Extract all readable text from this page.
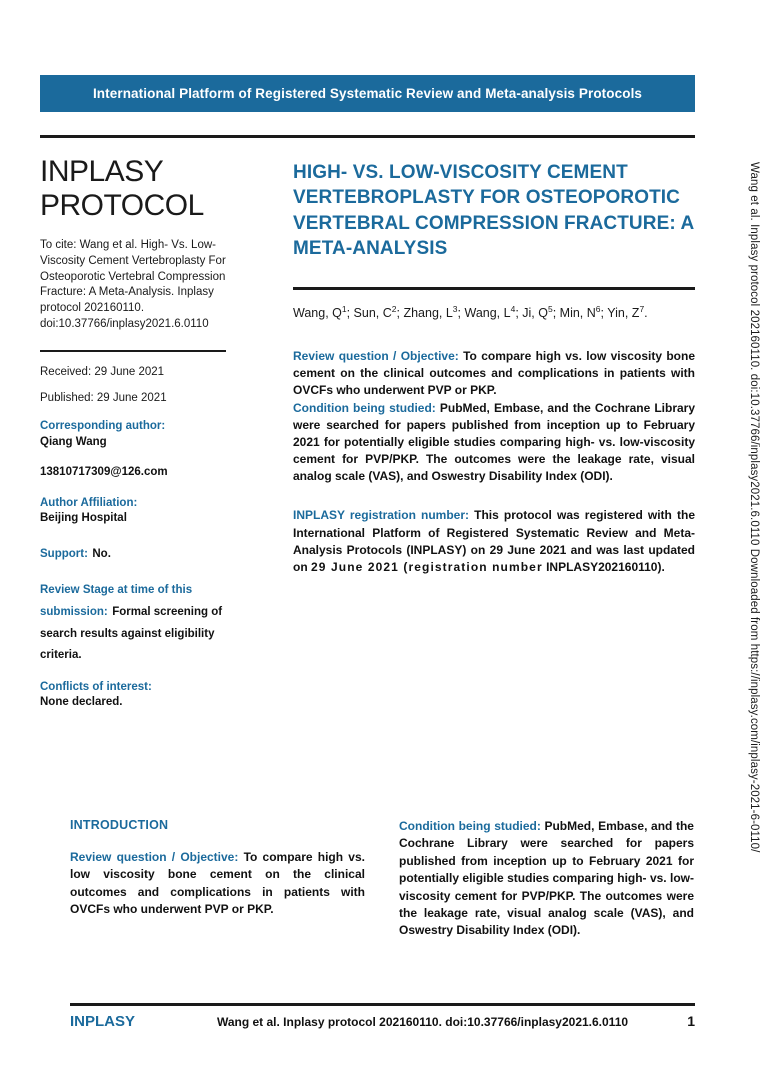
International Platform of Registered Systematic Review and Meta-analysis Protocols
INPLASY
PROTOCOL
To cite: Wang et al. High- Vs. Low-Viscosity Cement Vertebroplasty For Osteoporotic Vertebral Compression Fracture: A Meta-Analysis. Inplasy protocol 202160110. doi:10.37766/inplasy2021.6.0110
Received: 29 June 2021
Published: 29 June 2021
Corresponding author:
Qiang Wang
13810717309@126.com
Author Affiliation:
Beijing Hospital
Support: No.
Review Stage at time of this submission: Formal screening of search results against eligibility criteria.
Conflicts of interest:
None declared.
HIGH- VS. LOW-VISCOSITY CEMENT VERTEBROPLASTY FOR OSTEOPOROTIC VERTEBRAL COMPRESSION FRACTURE: A META-ANALYSIS
Wang, $Q^1$; Sun, $C^2$; Zhang, $L^3$; Wang, $L^4$; Ji, $Q^5$; Min, $N^6$; Yin, $Z^7$.

Review question / Objective: To compare high vs. low viscosity bone cement on the clinical outcomes and complications in patients with OVCFs who underwent PVP or PKP.

Condition being studied: PubMed, Embase, and the Cochrane Library were searched for papers published from inception up to February 2021 for potentially eligible studies comparing high- vs. low-viscosity cement for PVP/PKP. The outcomes were the leakage rate, visual analog scale (VAS), and Oswestry Disability Index (ODI).

INPLASY registration number: This protocol was registered with the International Platform of Registered Systematic Review and Meta-Analysis Protocols (INPLASY) on 29 June 2021 and was last updated on 29 June 2021 (registration number INPLASY202160110).
INTRODUCTION
Review question / Objective: To compare high vs. low viscosity bone cement on the clinical outcomes and complications in patients with OVCFs who underwent PVP or PKP.
Condition being studied: PubMed, Embase, and the Cochrane Library were searched for papers published from inception up to February 2021 for potentially eligible studies comparing high- vs. low-viscosity cement for PVP/PKP. The outcomes were the leakage rate, visual analog scale (VAS), and Oswestry Disability Index (ODI).
INPLASY	Wang et al. Inplasy protocol 202160110. doi:10.37766/inplasy2021.6.0110	1
Wang et al. Inplasy protocol 202160110. doi:10.37766/inplasy2021.6.0110 Downloaded from https://inplasy.com/inplasy-2021-6-0110/
